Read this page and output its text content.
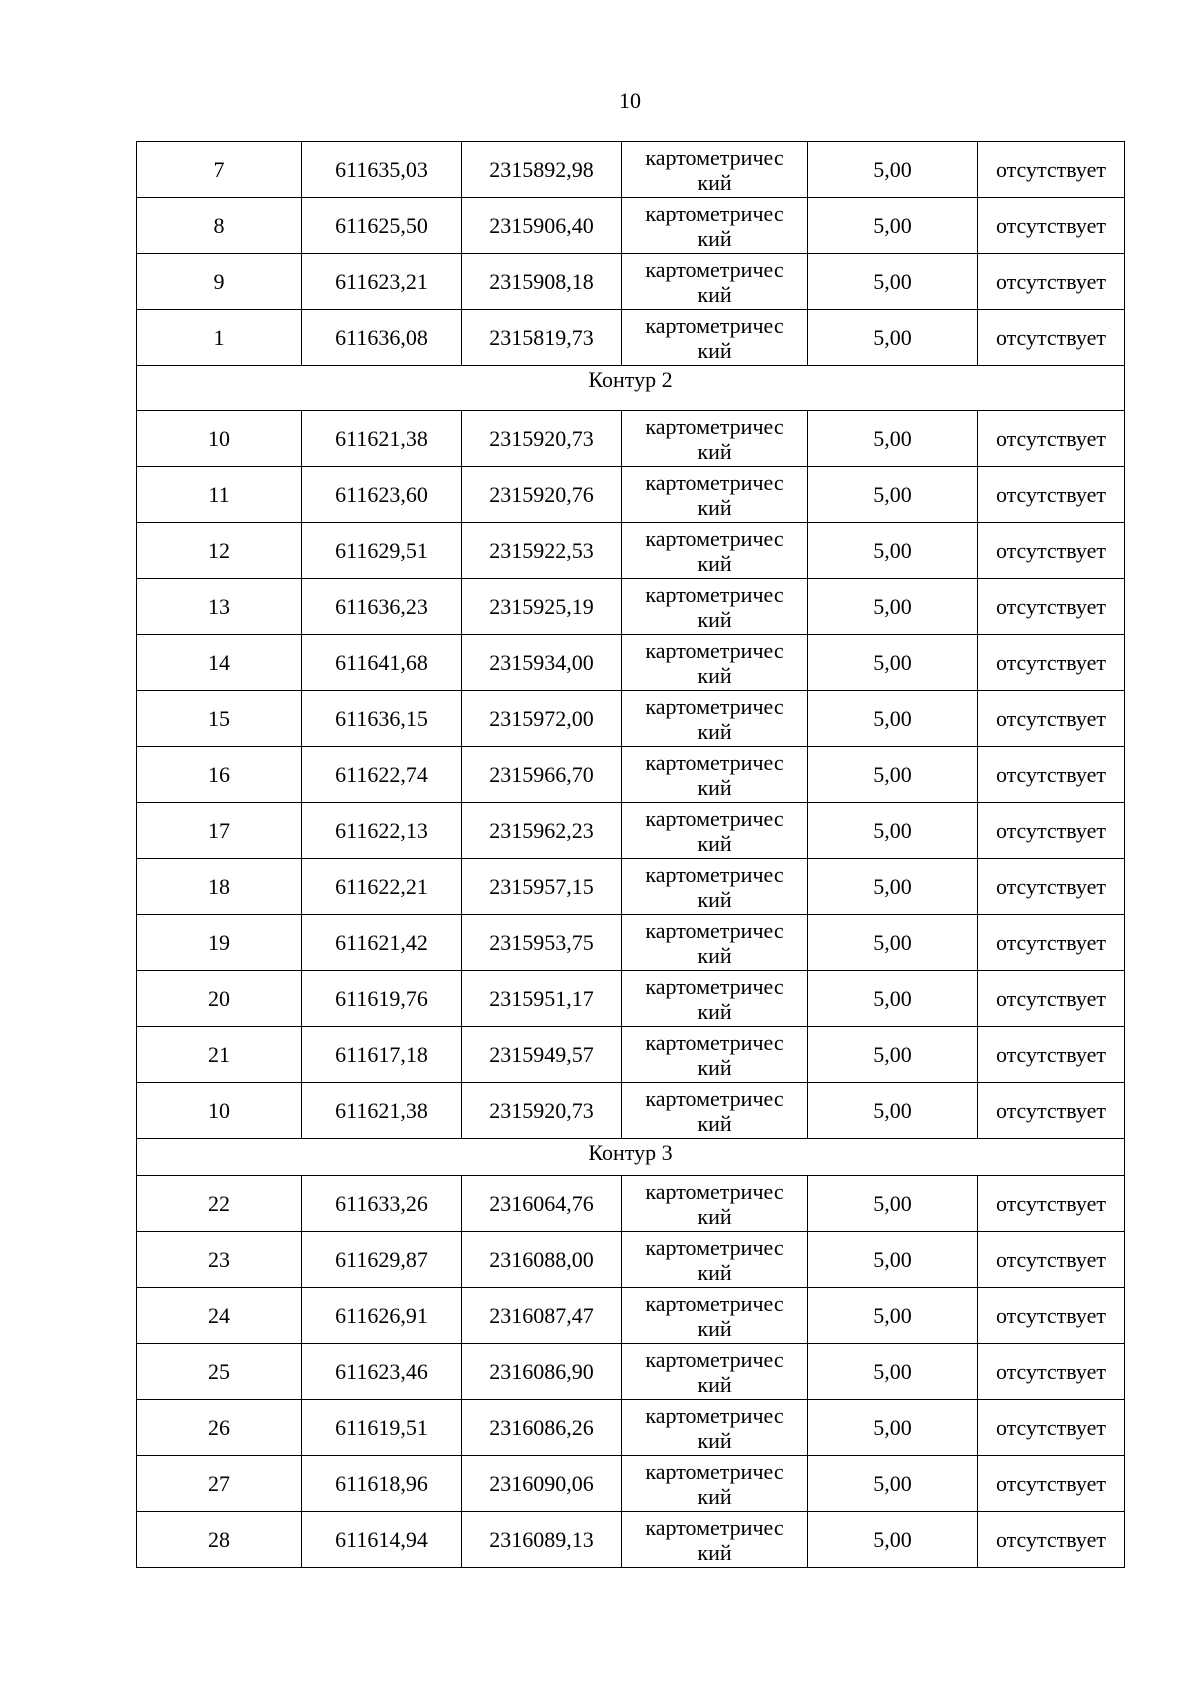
10
7	611635,03	2315892,98	картометричес
кий	5,00	отсутствует
8	611625,50	2315906,40	картометричес
кий	5,00	отсутствует
9	611623,21	2315908,18	картометричес
кий	5,00	отсутствует
1	611636,08	2315819,73	картометричес
кий	5,00	отсутствует
Контур 2					
10	611621,38	2315920,73	картометричес
кий	5,00	отсутствует
11	611623,60	2315920,76	картометричес
кий	5,00	отсутствует
12	611629,51	2315922,53	картометричес
кий	5,00	отсутствует
13	611636,23	2315925,19	картометричес
кий	5,00	отсутствует
14	611641,68	2315934,00	картометричес
кий	5,00	отсутствует
15	611636,15	2315972,00	картометричес
кий	5,00	отсутствует
16	611622,74	2315966,70	картометричес
кий	5,00	отсутствует
17	611622,13	2315962,23	картометричес
кий	5,00	отсутствует
18	611622,21	2315957,15	картометричес
кий	5,00	отсутствует
19	611621,42	2315953,75	картометричес
кий	5,00	отсутствует
20	611619,76	2315951,17	картометричес
кий	5,00	отсутствует
21	611617,18	2315949,57	картометричес
кий	5,00	отсутствует
10	611621,38	2315920,73	картометричес
кий	5,00	отсутствует
Контур 3					
22	611633,26	2316064,76	картометричес
кий	5,00	отсутствует
23	611629,87	2316088,00	картометричес
кий	5,00	отсутствует
24	611626,91	2316087,47	картометричес
кий	5,00	отсутствует
25	611623,46	2316086,90	картометричес
кий	5,00	отсутствует
26	611619,51	2316086,26	картометричес
кий	5,00	отсутствует
27	611618,96	2316090,06	картометричес
кий	5,00	отсутствует
28	611614,94	2316089,13	картометричес
кий	5,00	отсутствует
